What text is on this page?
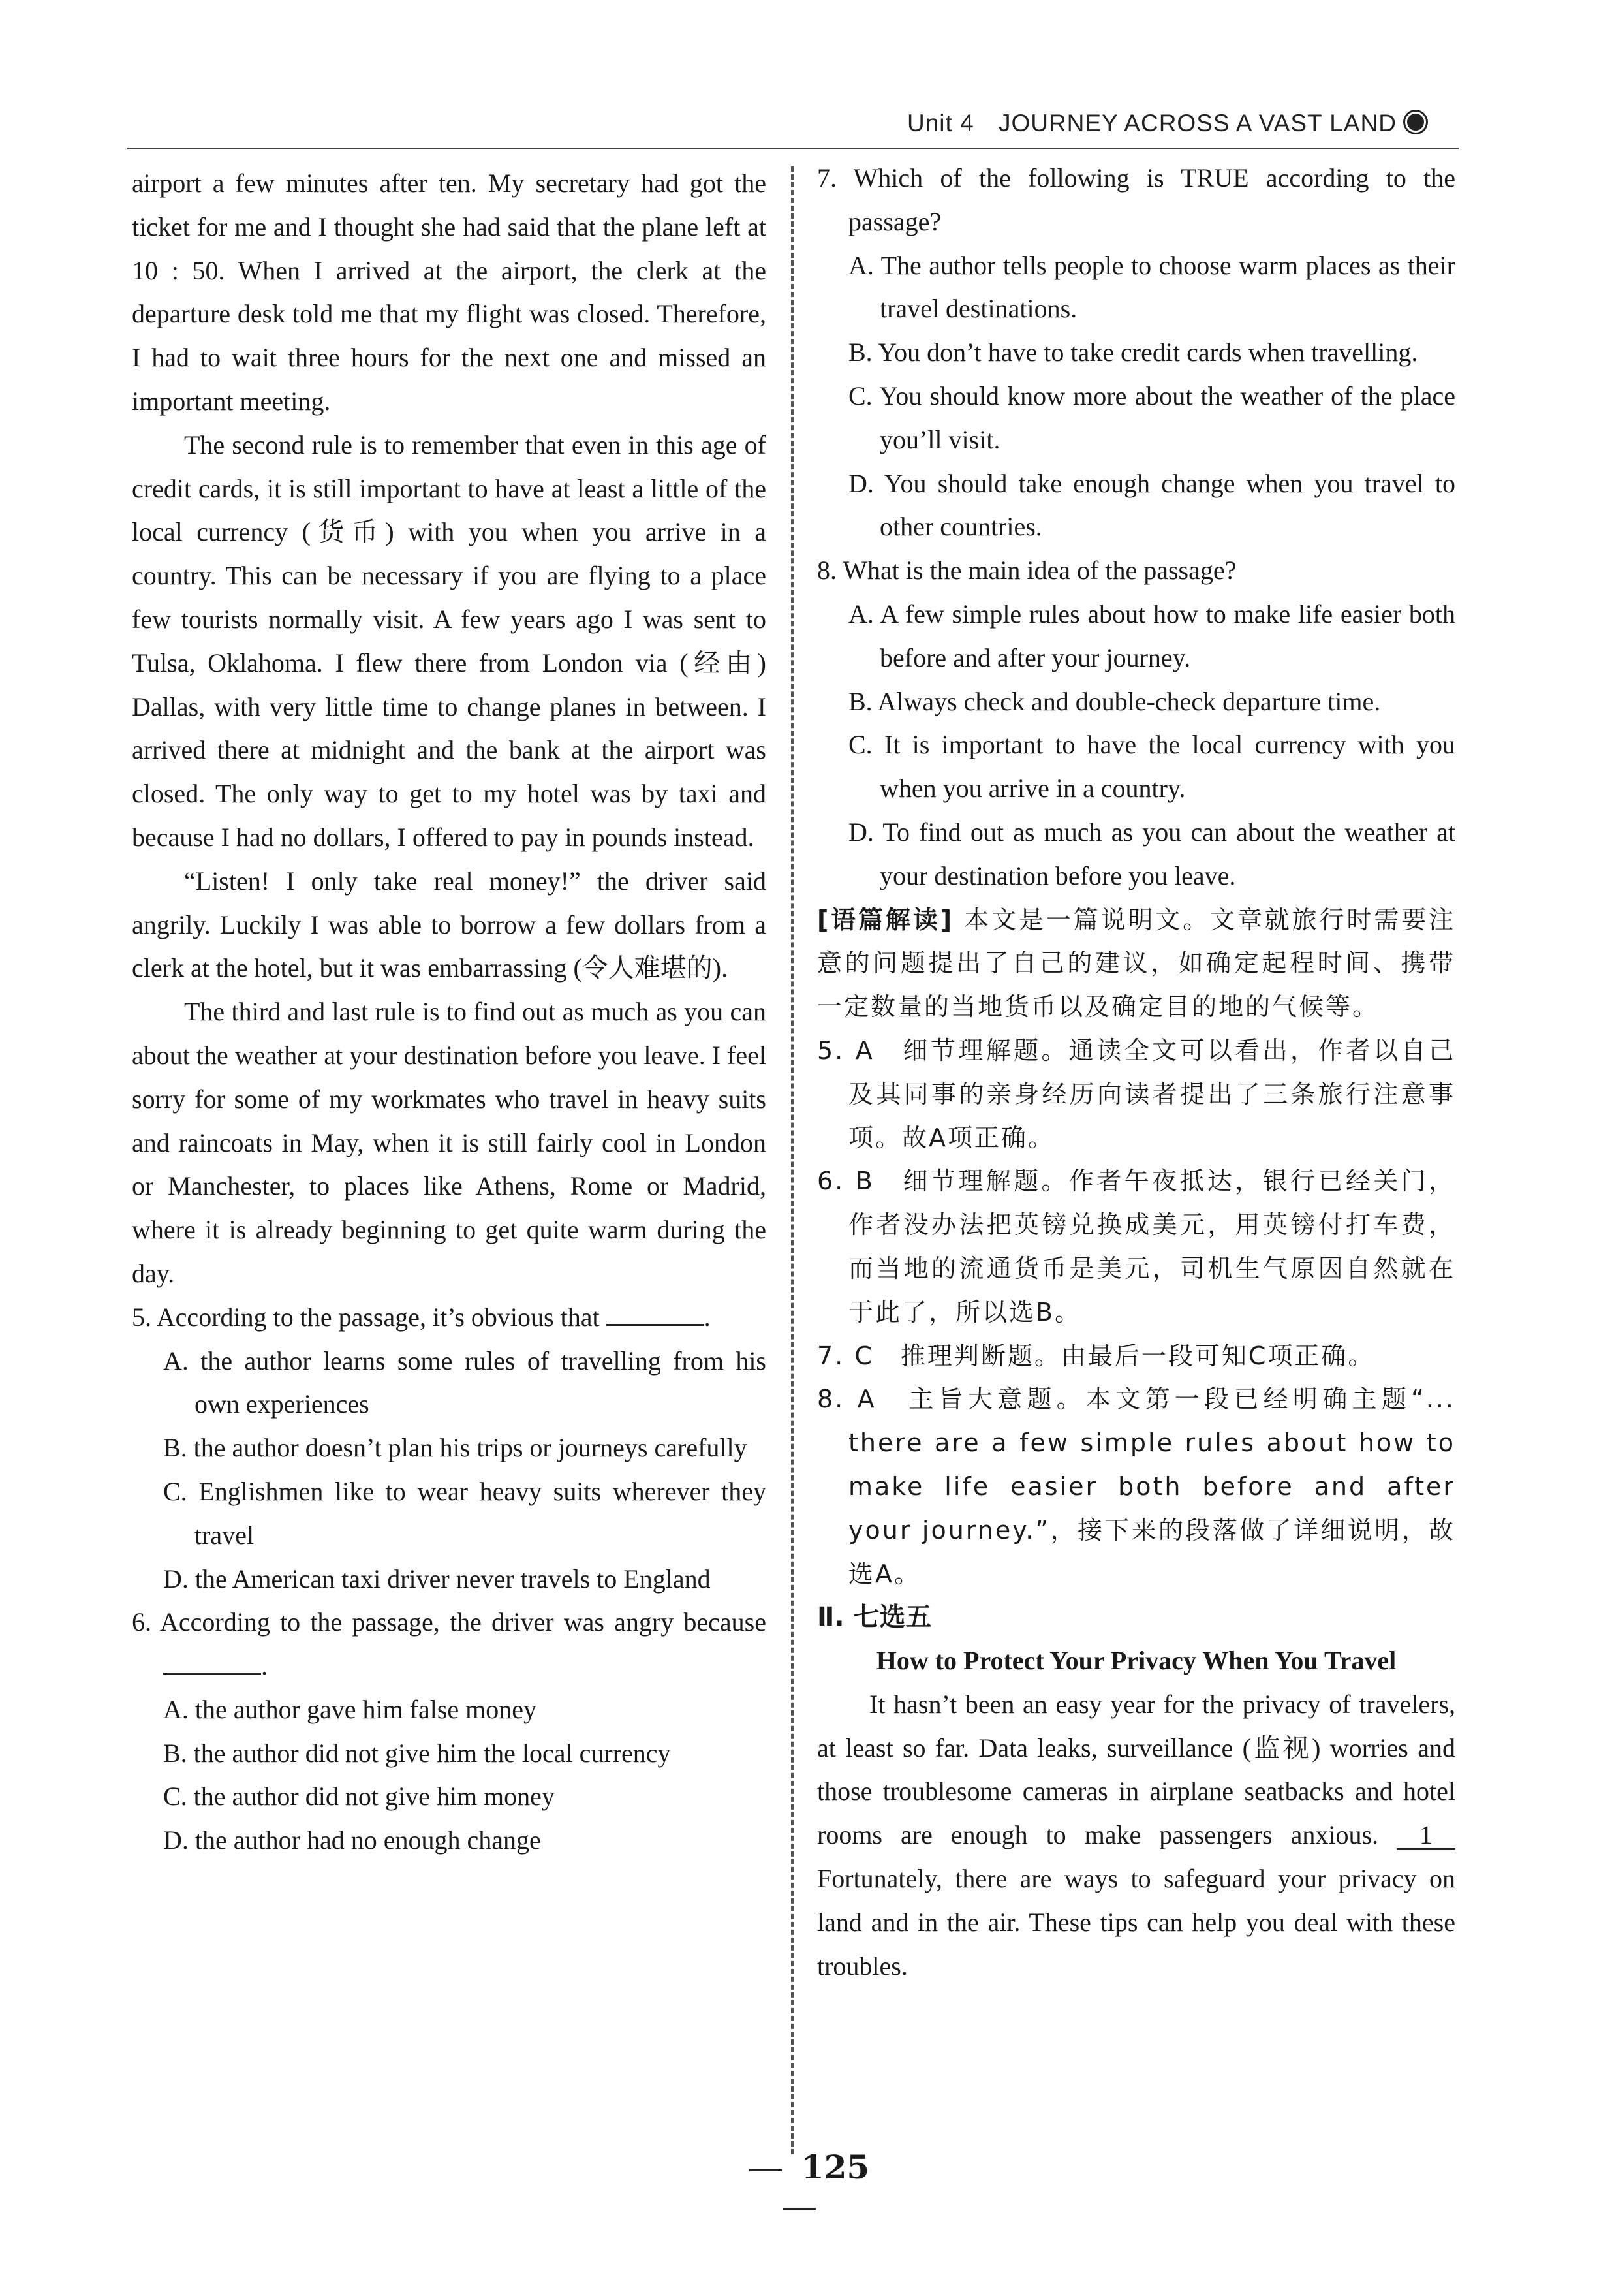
Unit 4 JOURNEY ACROSS A VAST LAND

airport a few minutes after ten. My secretary had got the ticket for me and I thought she had said that the plane left at 10 : 50. When I arrived at the airport, the clerk at the departure desk told me that my flight was closed. Therefore, I had to wait three hours for the next one and missed an important meeting.

The second rule is to remember that even in this age of credit cards, it is still important to have at least a little of the local currency (货币) with you when you arrive in a country. This can be necessary if you are flying to a place few tourists normally visit. A few years ago I was sent to Tulsa, Oklahoma. I flew there from London via (经由) Dallas, with very little time to change planes in between. I arrived there at midnight and the bank at the airport was closed. The only way to get to my hotel was by taxi and because I had no dollars, I offered to pay in pounds instead.

“Listen! I only take real money!” the driver said angrily. Luckily I was able to borrow a few dollars from a clerk at the hotel, but it was embarrassing (令人难堪的).

The third and last rule is to find out as much as you can about the weather at your destination before you leave. I feel sorry for some of my workmates who travel in heavy suits and raincoats in May, when it is still fairly cool in London or Manchester, to places like Athens, Rome or Madrid, where it is already beginning to get quite warm during the day.

5. According to the passage, it’s obvious that	.

A. the author learns some rules of travelling from his own experiences

B. the author doesn’t plan his trips or journeys carefully

C. Englishmen like to wear heavy suits wherever they travel

D. the American taxi driver never travels to England

6. According to the passage, the driver was angry because .

A. the author gave him false money

B. the author did not give him the local currency

C. the author did not give him money

D. the author had no enough change

7. Which of the following is TRUE according to the passage?

A. The author tells people to choose warm places as their travel destinations.

B. You don’t have to take credit cards when travelling.

C. You should know more about the weather of the place you’ll visit.

D. You should take enough change when you travel to other countries.

8. What is the main idea of the passage?

A. A few simple rules about how to make life easier both before and after your journey.

B. Always check and double-check departure time.

C. It is important to have the local currency with you when you arrive in a country.

D. To find out as much as you can about the weather at your destination before you leave.

[语篇解读] 本文是一篇说明文。文章就旅行时需要注意的问题提出了自己的建议，如确定起程时间、携带一定数量的当地货币以及确定目的地的气候等。

5. A　细节理解题。通读全文可以看出，作者以自己及其同事的亲身经历向读者提出了三条旅行注意事项。故A项正确。

6. B　细节理解题。作者午夜抵达，银行已经关门，作者没办法把英镑兑换成美元，用英镑付打车费，而当地的流通货币是美元，司机生气原因自然就在于此了，所以选B。

7. C　推理判断题。由最后一段可知C项正确。

8. A　主旨大意题。本文第一段已经明确主题“... there are a few simple rules about how to make life easier both before and after your journey.”，接下来的段落做了详细说明，故选A。

Ⅱ. 七选五

How to Protect Your Privacy When You Travel

It hasn’t been an easy year for the privacy of travelers, at least so far. Data leaks, surveillance (监视) worries and those troublesome cameras in airplane seatbacks and hotel rooms are enough to make passengers anxious. 1 Fortunately, there are ways to safeguard your privacy on land and in the air. These tips can help you deal with these troubles.

125
